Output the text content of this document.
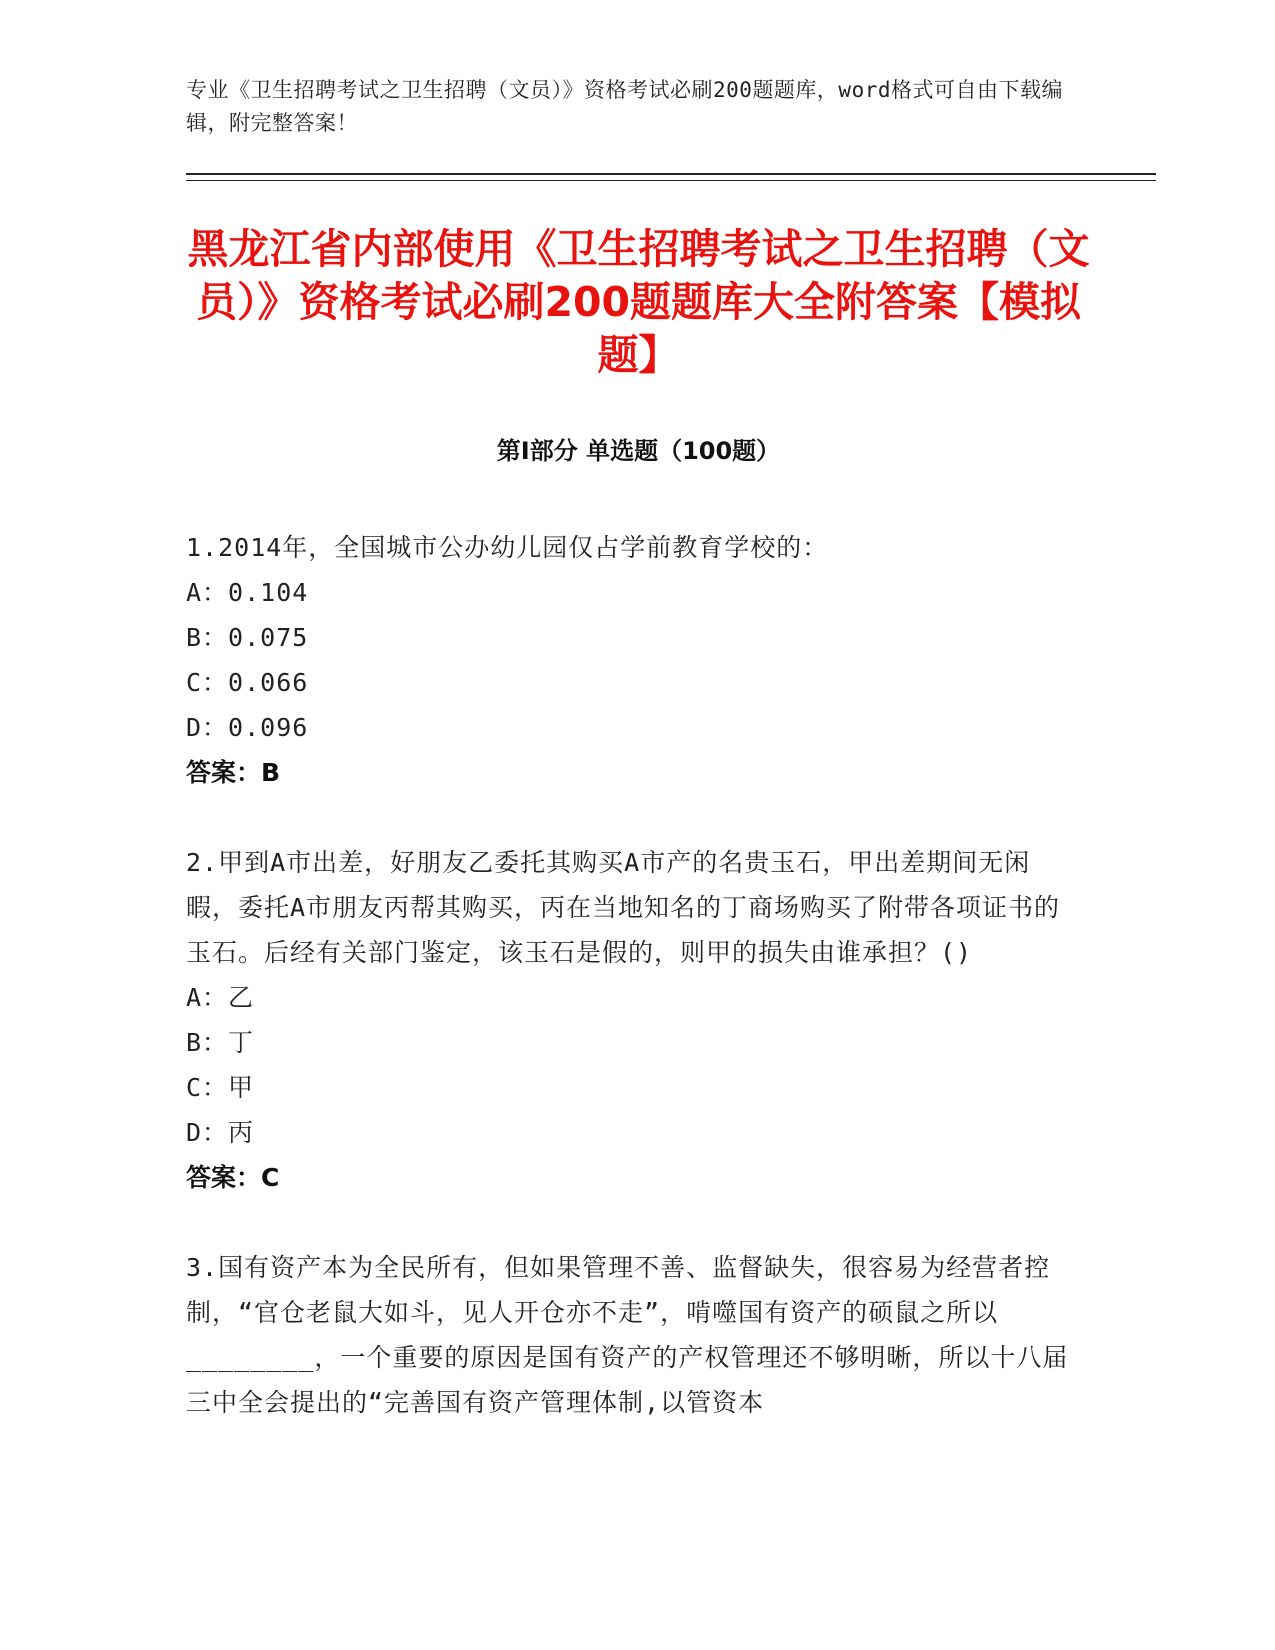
专业《卫生招聘考试之卫生招聘（文员）》资格考试必刷200题题库，word格式可自由下载编辑，附完整答案！
黑龙江省内部使用《卫生招聘考试之卫生招聘（文员）》资格考试必刷200题题库大全附答案【模拟题】
第Ⅰ部分 单选题（100题）
1.2014年，全国城市公办幼儿园仅占学前教育学校的：
A：0.104
B：0.075
C：0.066
D：0.096
答案：B
2.甲到A市出差，好朋友乙委托其购买A市产的名贵玉石，甲出差期间无闲暇，委托A市朋友丙帮其购买，丙在当地知名的丁商场购买了附带各项证书的玉石。后经有关部门鉴定，该玉石是假的，则甲的损失由谁承担？()
A：乙
B：丁
C：甲
D：丙
答案：C
3.国有资产本为全民所有，但如果管理不善、监督缺失，很容易为经营者控制，“官仓老鼠大如斗，见人开仓亦不走”，啃噬国有资产的硕鼠之所以________，一个重要的原因是国有资产的产权管理还不够明晰，所以十八届三中全会提出的“完善国有资产管理体制,以管资本
